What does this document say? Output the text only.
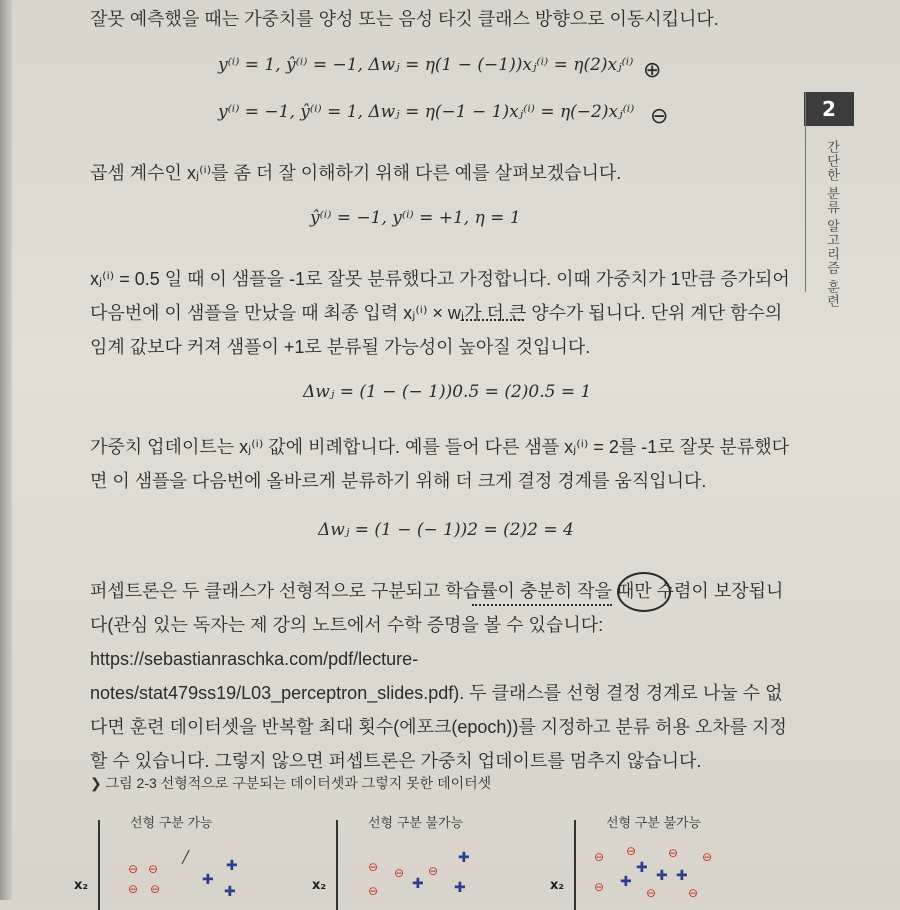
잘못 예측했을 때는 가중치를 양성 또는 음성 타깃 클래스 방향으로 이동시킵니다.
y⁽ⁱ⁾ = 1, ŷ⁽ⁱ⁾ = −1, Δwⱼ = η(1 − (−1))xⱼ⁽ⁱ⁾ = η(2)xⱼ⁽ⁱ⁾ ⊕
y⁽ⁱ⁾ = −1, ŷ⁽ⁱ⁾ = 1, Δwⱼ = η(−1 − 1)xⱼ⁽ⁱ⁾ = η(−2)xⱼ⁽ⁱ⁾ ⊖	2
간단한 분류 알고리즘 훈련
곱셈 계수인 xⱼ⁽ⁱ⁾를 좀 더 잘 이해하기 위해 다른 예를 살펴보겠습니다.
ŷ⁽ⁱ⁾ = −1, y⁽ⁱ⁾ = +1, η = 1
xⱼ⁽ⁱ⁾ = 0.5 일 때 이 샘플을 -1로 잘못 분류했다고 가정합니다. 이때 가중치가 1만큼 증가되어 다음번에 이 샘플을 만났을 때 최종 입력 xⱼ⁽ⁱ⁾ × wⱼ가 더 큰 양수가 됩니다. 단위 계단 함수의 임계 값보다 커져 샘플이 +1로 분류될 가능성이 높아질 것입니다.
Δwⱼ = (1 − (− 1))0.5 = (2)0.5 = 1
가중치 업데이트는 xⱼ⁽ⁱ⁾ 값에 비례합니다. 예를 들어 다른 샘플 xⱼ⁽ⁱ⁾ = 2를 -1로 잘못 분류했다면 이 샘플을 다음번에 올바르게 분류하기 위해 더 크게 결정 경계를 움직입니다.
Δwⱼ = (1 − (− 1))2 = (2)2 = 4
퍼셉트론은 두 클래스가 선형적으로 구분되고 학습률이 충분히 작을 때만 수렴이 보장됩니다(관심 있는 독자는 제 강의 노트에서 수학 증명을 볼 수 있습니다: https://sebastianraschka.com/pdf/lecture-notes/stat479ss19/L03_perceptron_slides.pdf). 두 클래스를 선형 결정 경계로 나눌 수 없다면 훈련 데이터셋을 반복할 최대 횟수(에포크(epoch))를 지정하고 분류 허용 오차를 지정할 수 있습니다. 그렇지 않으면 퍼셉트론은 가중치 업데이트를 멈추지 않습니다.
❯ 그림 2-3 선형적으로 구분되는 데이터셋과 그렇지 못한 데이터셋
x₂
선형 구분 가능
⊖ ⊖
⊖ ⊖
╱
✚
✚
✚	x₂
선형 구분 불가능
⊖ ⊖ ⊖
⊖
✚
✚ ✚	x₂
선형 구분 불가능
⊖ ⊖	⊖ ⊖
⊖	⊖	⊖
✚ ✚
✚	✚
